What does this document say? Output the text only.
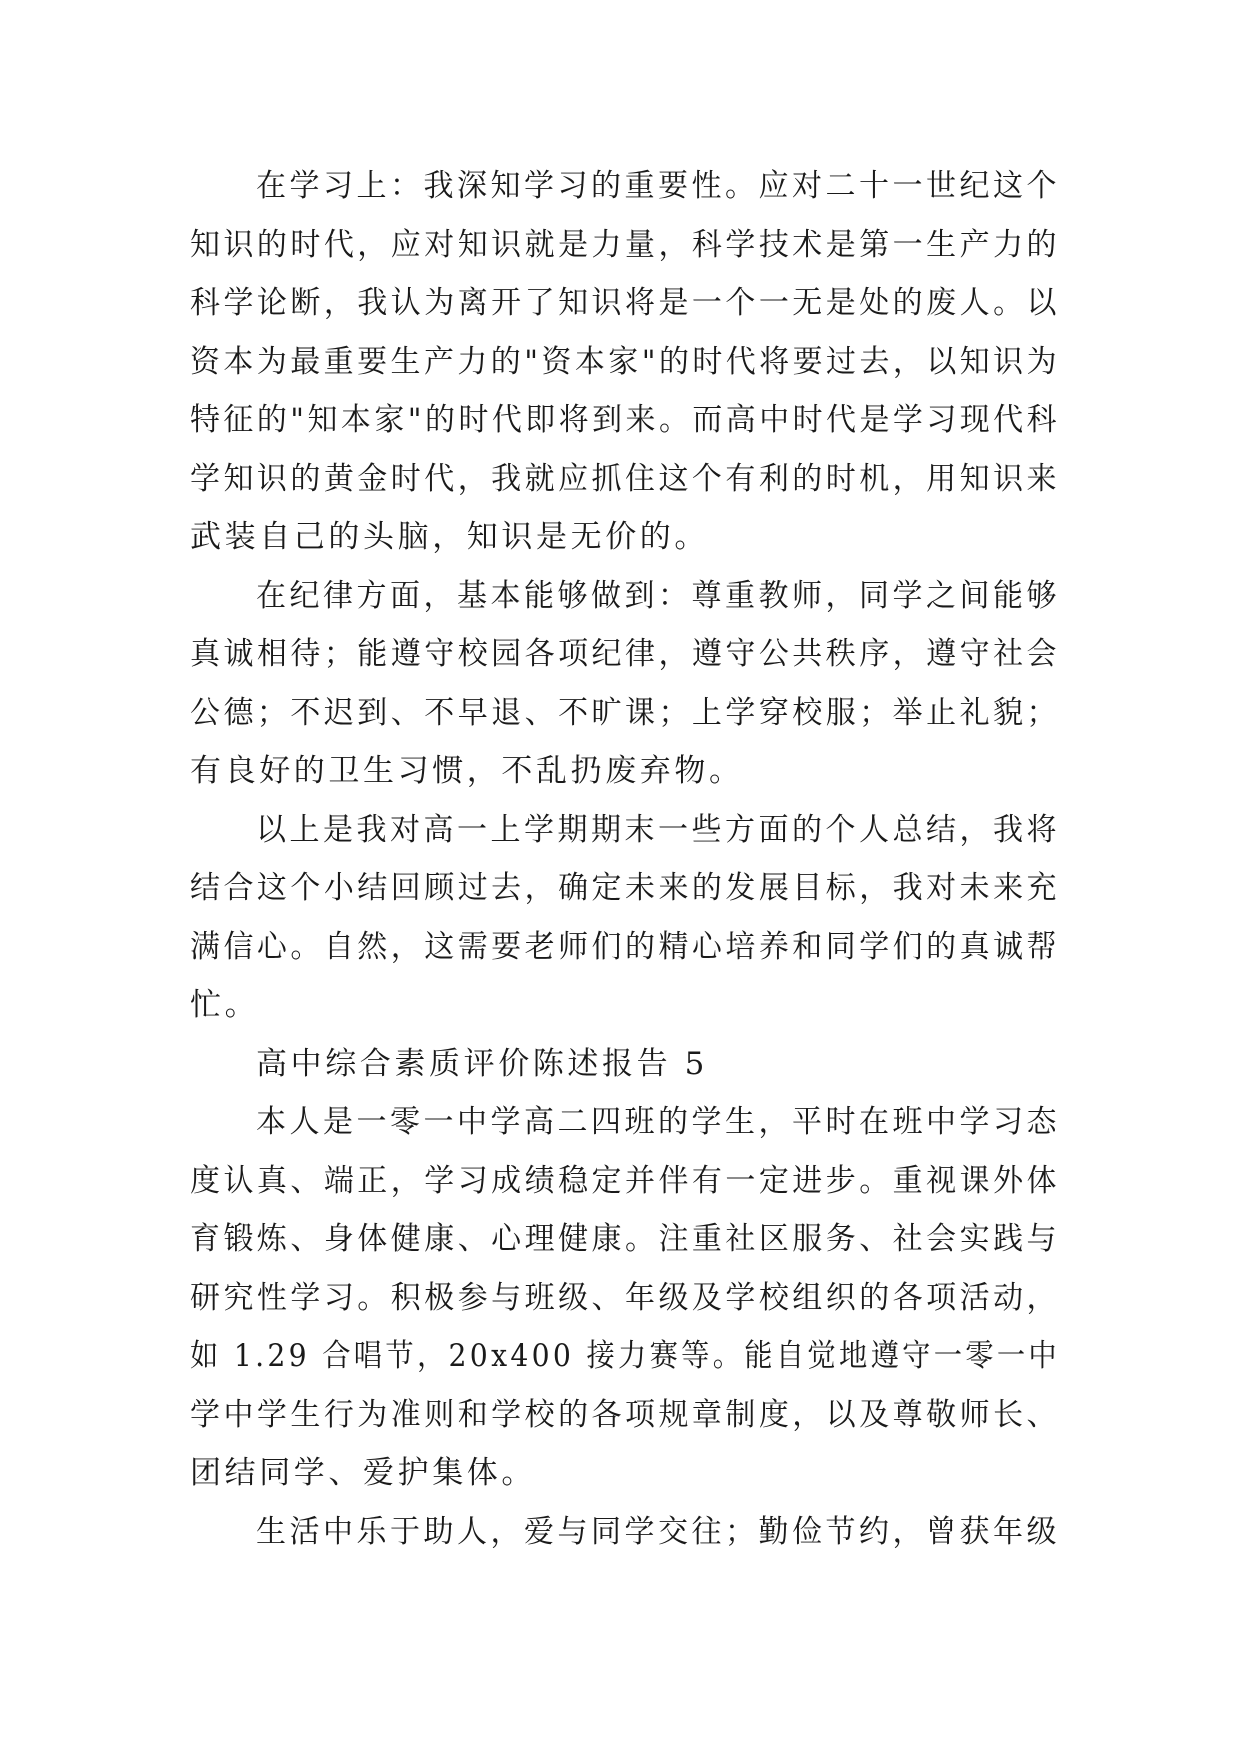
在学习上：我深知学习的重要性。应对二十一世纪这个
知识的时代，应对知识就是力量，科学技术是第一生产力的
科学论断，我认为离开了知识将是一个一无是处的废人。以
资本为最重要生产力的"资本家"的时代将要过去，以知识为
特征的"知本家"的时代即将到来。而高中时代是学习现代科
学知识的黄金时代，我就应抓住这个有利的时机，用知识来
武装自己的头脑，知识是无价的。
在纪律方面，基本能够做到：尊重教师，同学之间能够
真诚相待；能遵守校园各项纪律，遵守公共秩序，遵守社会
公德；不迟到、不早退、不旷课；上学穿校服；举止礼貌；
有良好的卫生习惯，不乱扔废弃物。
以上是我对高一上学期期末一些方面的个人总结，我将
结合这个小结回顾过去，确定未来的发展目标，我对未来充
满信心。自然，这需要老师们的精心培养和同学们的真诚帮
忙。
高中综合素质评价陈述报告 5
本人是一零一中学高二四班的学生，平时在班中学习态
度认真、端正，学习成绩稳定并伴有一定进步。重视课外体
育锻炼、身体健康、心理健康。注重社区服务、社会实践与
研究性学习。积极参与班级、年级及学校组织的各项活动，
如 1.29 合唱节，20x400 接力赛等。能自觉地遵守一零一中
学中学生行为准则和学校的各项规章制度，以及尊敬师长、
团结同学、爱护集体。
生活中乐于助人，爱与同学交往；勤俭节约，曾获年级
